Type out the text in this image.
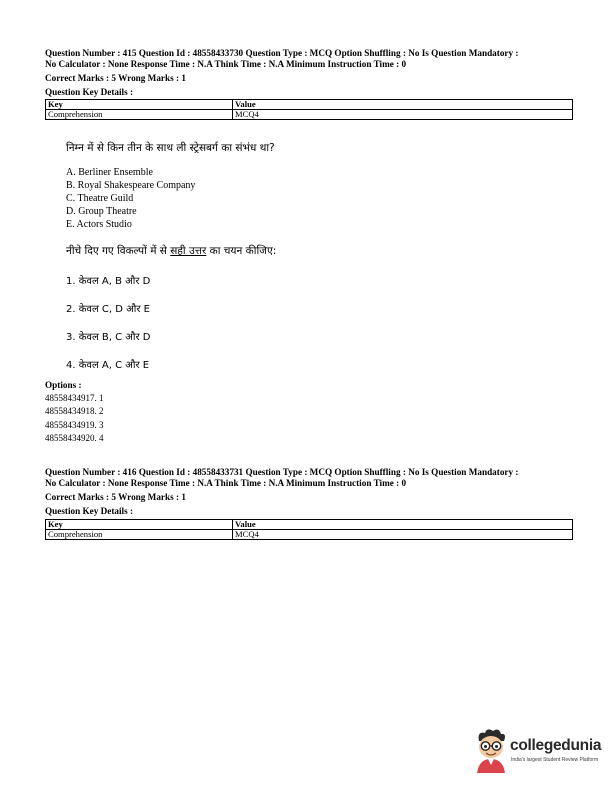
Question Number : 415 Question Id : 48558433730 Question Type : MCQ Option Shuffling : No Is Question Mandatory :
No Calculator : None Response Time : N.A Think Time : N.A Minimum Instruction Time : 0
Correct Marks : 5 Wrong Marks : 1
Question Key Details :
Key	Value
Comprehension	MCQ4
निम्न में से किन तीन के साथ ली स्ट्रेसबर्ग का संभंध था?
A. Berliner Ensemble
B. Royal Shakespeare Company
C. Theatre Guild
D. Group Theatre
E. Actors Studio
नीचे दिए गए विकल्पों में से सही उत्तर का चयन कीजिए:
1. केवल A, B और D
2. केवल C, D और E
3. केवल B, C और D
4. केवल A, C और E
Options :
48558434917. 1
48558434918. 2
48558434919. 3
48558434920. 4
Question Number : 416 Question Id : 48558433731 Question Type : MCQ Option Shuffling : No Is Question Mandatory :
No Calculator : None Response Time : N.A Think Time : N.A Minimum Instruction Time : 0
Correct Marks : 5 Wrong Marks : 1
Question Key Details :
Key	Value
Comprehension	MCQ4
collegedunia
India's largest Student Review Platform
